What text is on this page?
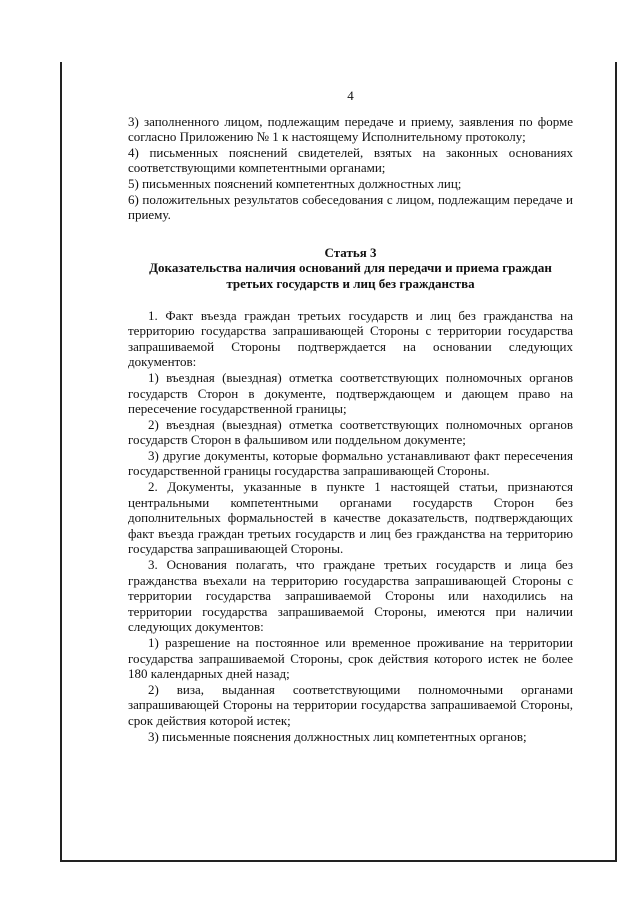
4

3) заполненного лицом, подлежащим передаче и приему, заявления по форме согласно Приложению № 1 к настоящему Исполнительному протоколу;

4) письменных пояснений свидетелей, взятых на законных основаниях соответствующими компетентными органами;

5) письменных пояснений компетентных должностных лиц;

6) положительных результатов собеседования с лицом, подлежащим передаче и приему.

Статья 3
Доказательства наличия оснований для передачи и приема граждан
третьих государств и лиц без гражданства

1. Факт въезда граждан третьих государств и лиц без гражданства на территорию государства запрашивающей Стороны с территории государства запрашиваемой Стороны подтверждается на основании следующих документов:

1) въездная (выездная) отметка соответствующих полномочных органов государств Сторон в документе, подтверждающем и дающем право на пересечение государственной границы;

2) въездная (выездная) отметка соответствующих полномочных органов государств Сторон в фальшивом или поддельном документе;

3) другие документы, которые формально устанавливают факт пересечения государственной границы государства запрашивающей Стороны.

2. Документы, указанные в пункте 1 настоящей статьи, признаются центральными компетентными органами государств Сторон без дополнительных формальностей в качестве доказательств, подтверждающих факт въезда граждан третьих государств и лиц без гражданства на территорию государства запрашивающей Стороны.

3. Основания полагать, что граждане третьих государств и лица без гражданства въехали на территорию государства запрашивающей Стороны с территории государства запрашиваемой Стороны или находились на территории государства запрашиваемой Стороны, имеются при наличии следующих документов:

1) разрешение на постоянное или временное проживание на территории государства запрашиваемой Стороны, срок действия которого истек не более 180 календарных дней назад;

2) виза, выданная соответствующими полномочными органами запрашивающей Стороны на территории государства запрашиваемой Стороны, срок действия которой истек;

3) письменные пояснения должностных лиц компетентных органов;
